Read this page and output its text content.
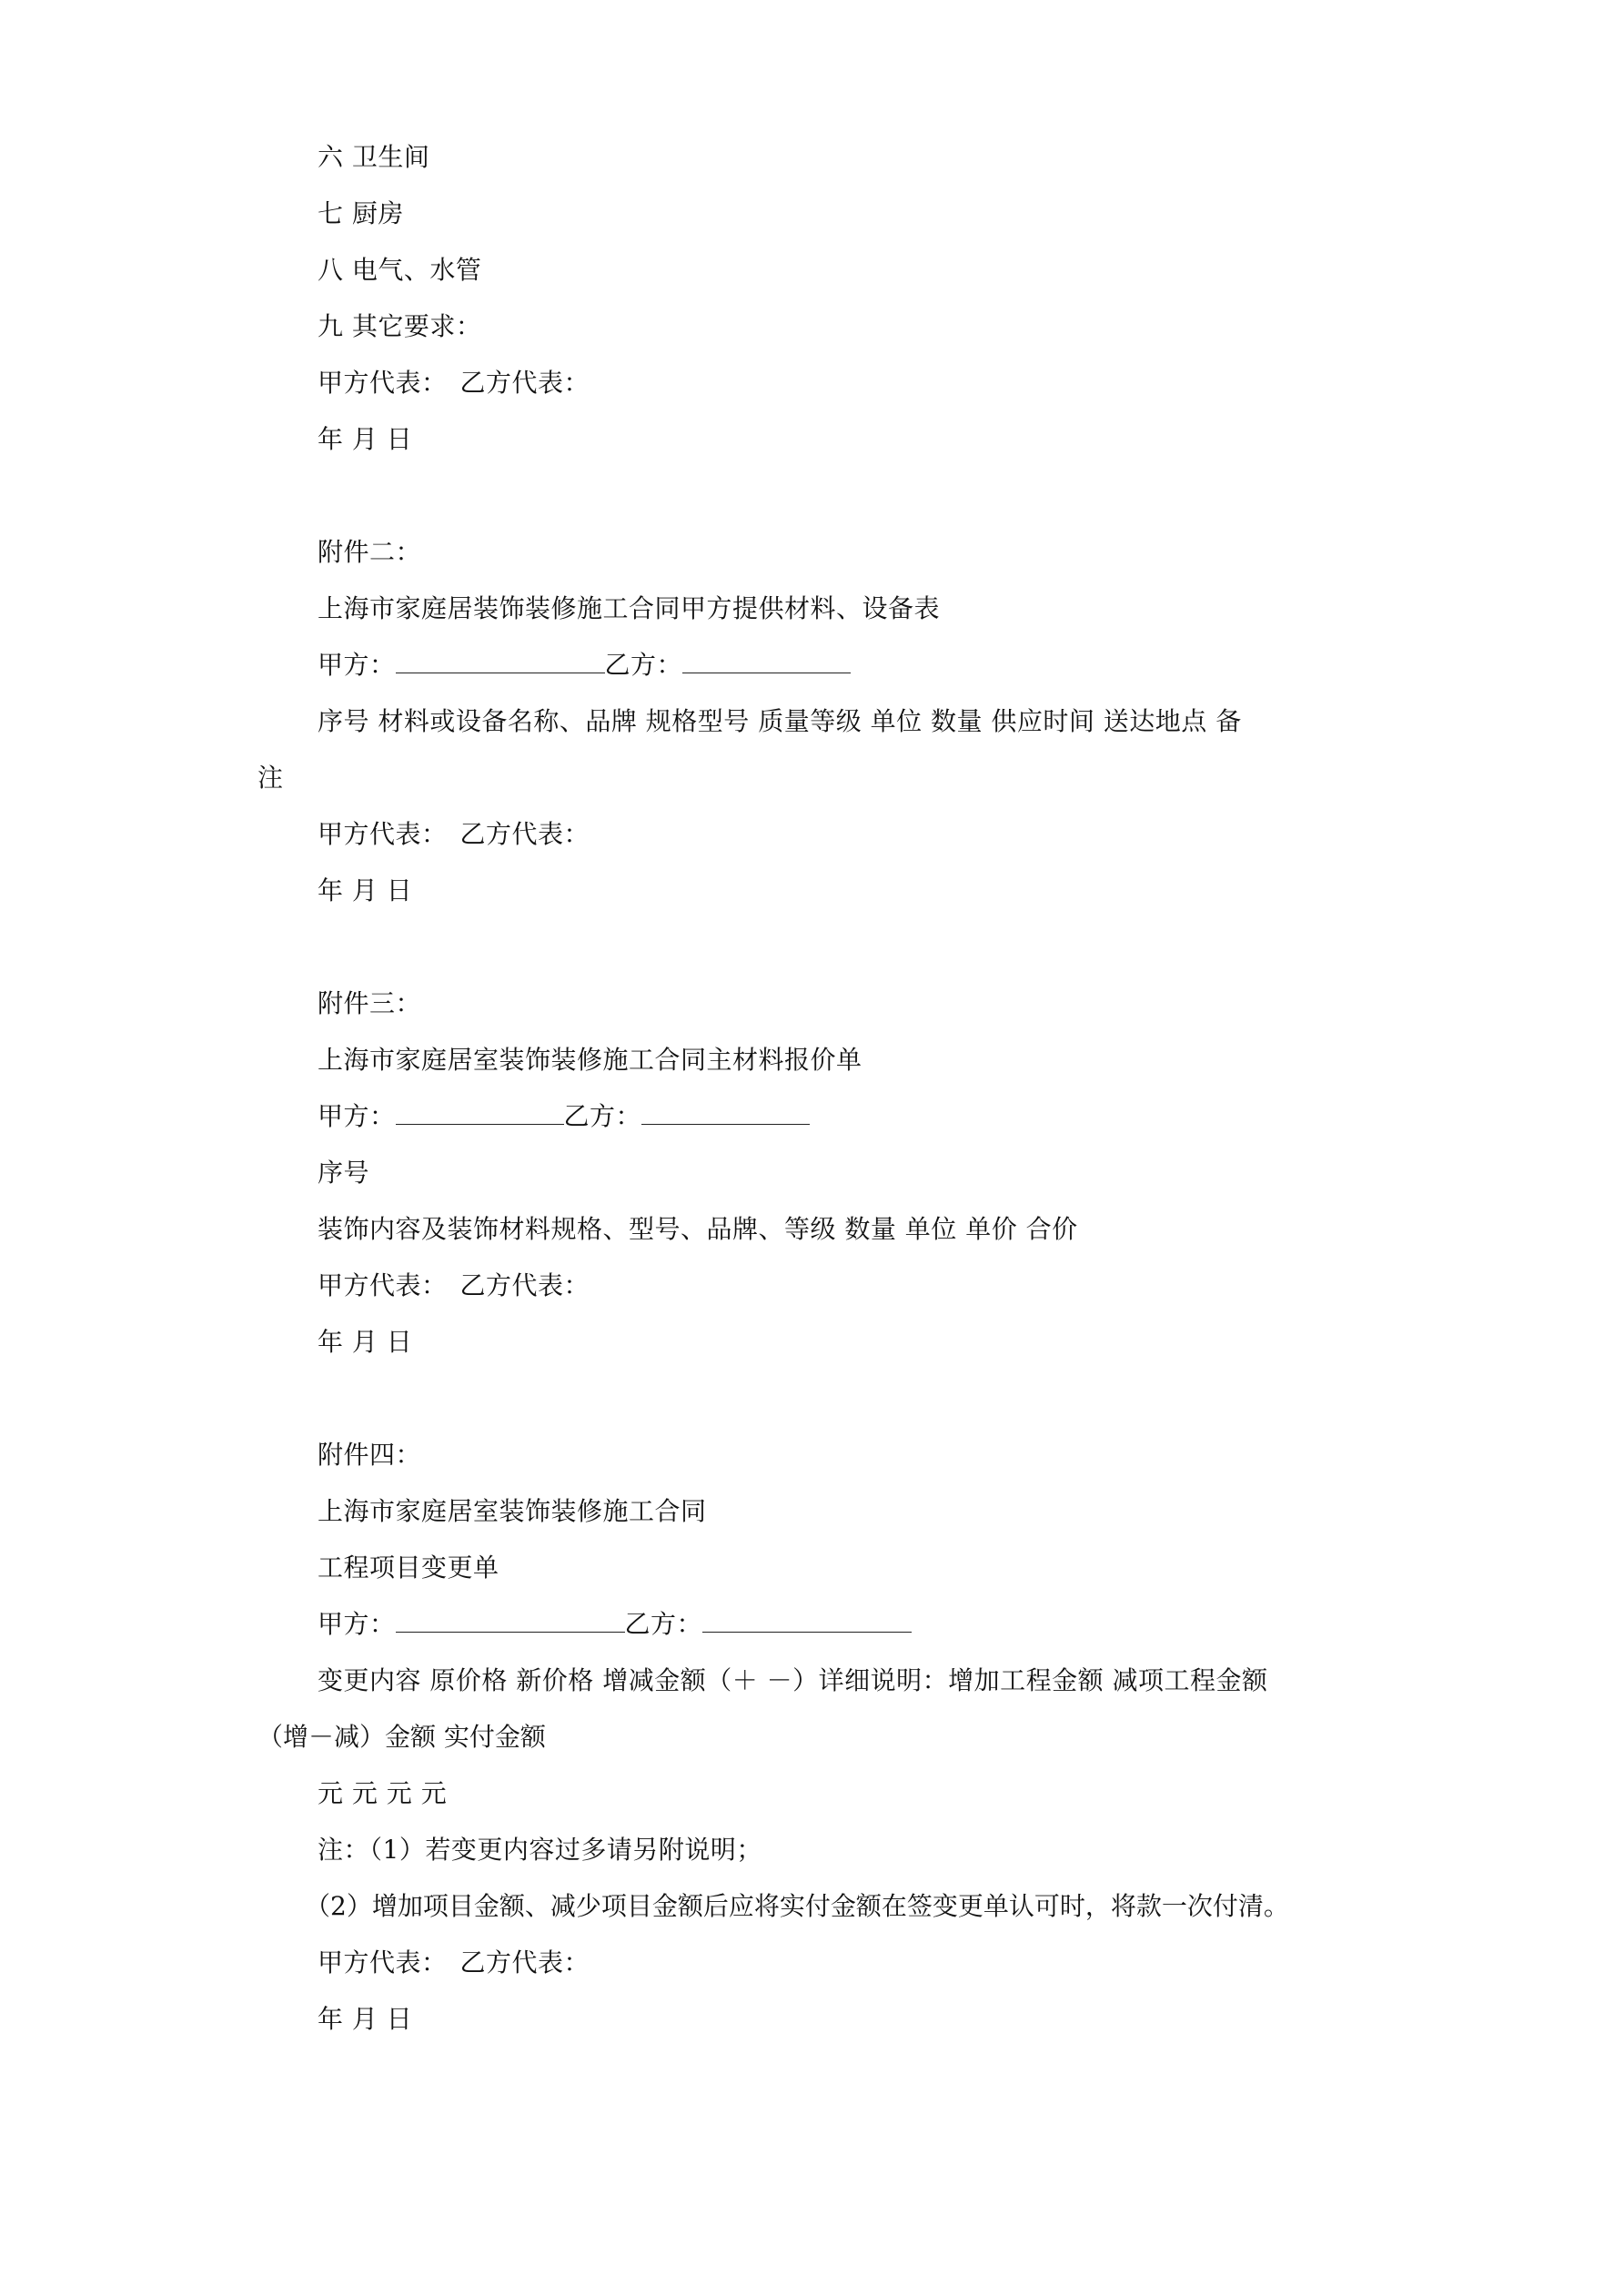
六 卫生间
七 厨房
八 电气、水管
九 其它要求：
甲方代表： 乙方代表：
年 月 日
附件二：
上海市家庭居装饰装修施工合同甲方提供材料、设备表
甲方：	乙方：
序号 材料或设备名称、品牌 规格型号 质量等级 单位 数量 供应时间 送达地点 备
注
甲方代表： 乙方代表：
年 月 日
附件三：
上海市家庭居室装饰装修施工合同主材料报价单
甲方：	乙方：
序号
装饰内容及装饰材料规格、型号、品牌、等级 数量 单位 单价 合价
甲方代表： 乙方代表：
年 月 日
附件四：
上海市家庭居室装饰装修施工合同
工程项目变更单
甲方：	乙方：
变更内容 原价格 新价格 增减金额（＋ －）详细说明：增加工程金额 减项工程金额
（增－减）金额 实付金额
元 元 元 元
注：（1）若变更内容过多请另附说明；
（2）增加项目金额、减少项目金额后应将实付金额在签变更单认可时，将款一次付清。
甲方代表： 乙方代表：
年 月 日
